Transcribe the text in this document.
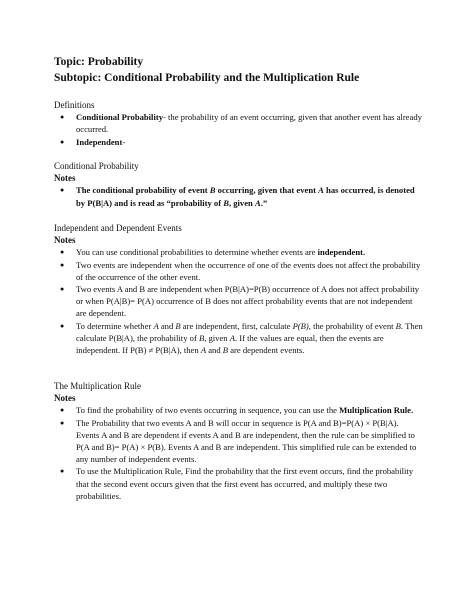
Topic: Probability
Subtopic: Conditional Probability and the Multiplication Rule
Definitions
● Conditional Probability- the probability of an event occurring, given that another event has already occurred.
● Independent-
Conditional Probability
Notes
● The conditional probability of event B occurring, given that event A has occurred, is denoted by P(B|A) and is read as “probability of B, given A.”
Independent and Dependent Events
Notes
● You can use conditional probabilities to determine whether events are independent.
● Two events are independent when the occurrence of one of the events does not affect the probability of the occurrence of the other event.
● Two events A and B are independent when P(B|A)=P(B) occurrence of A does not affect probability or when P(A|B)= P(A) occurrence of B does not affect probability events that are not independent are dependent.
● To determine whether A and B are independent, first, calculate P(B), the probability of event B. Then calculate P(B|A), the probability of B, given A. If the values are equal, then the events are independent. If P(B) ≠ P(B|A), then A and B are dependent events.
The Multiplication Rule
Notes
● To find the probability of two events occurring in sequence, you can use the Multiplication Rule.
● The Probability that two events A and B will occur in sequence is P(A and B)=P(A) × P(B|A). Events A and B are dependent if events A and B are independent, then the rule can be simplified to P(A and B)= P(A) × P(B). Events A and B are independent. This simplified rule can be extended to any number of independent events.
● To use the Multiplication Rule, Find the probability that the first event occurs, find the probability that the second event occurs given that the first event has occurred, and multiply these two probabilities.
